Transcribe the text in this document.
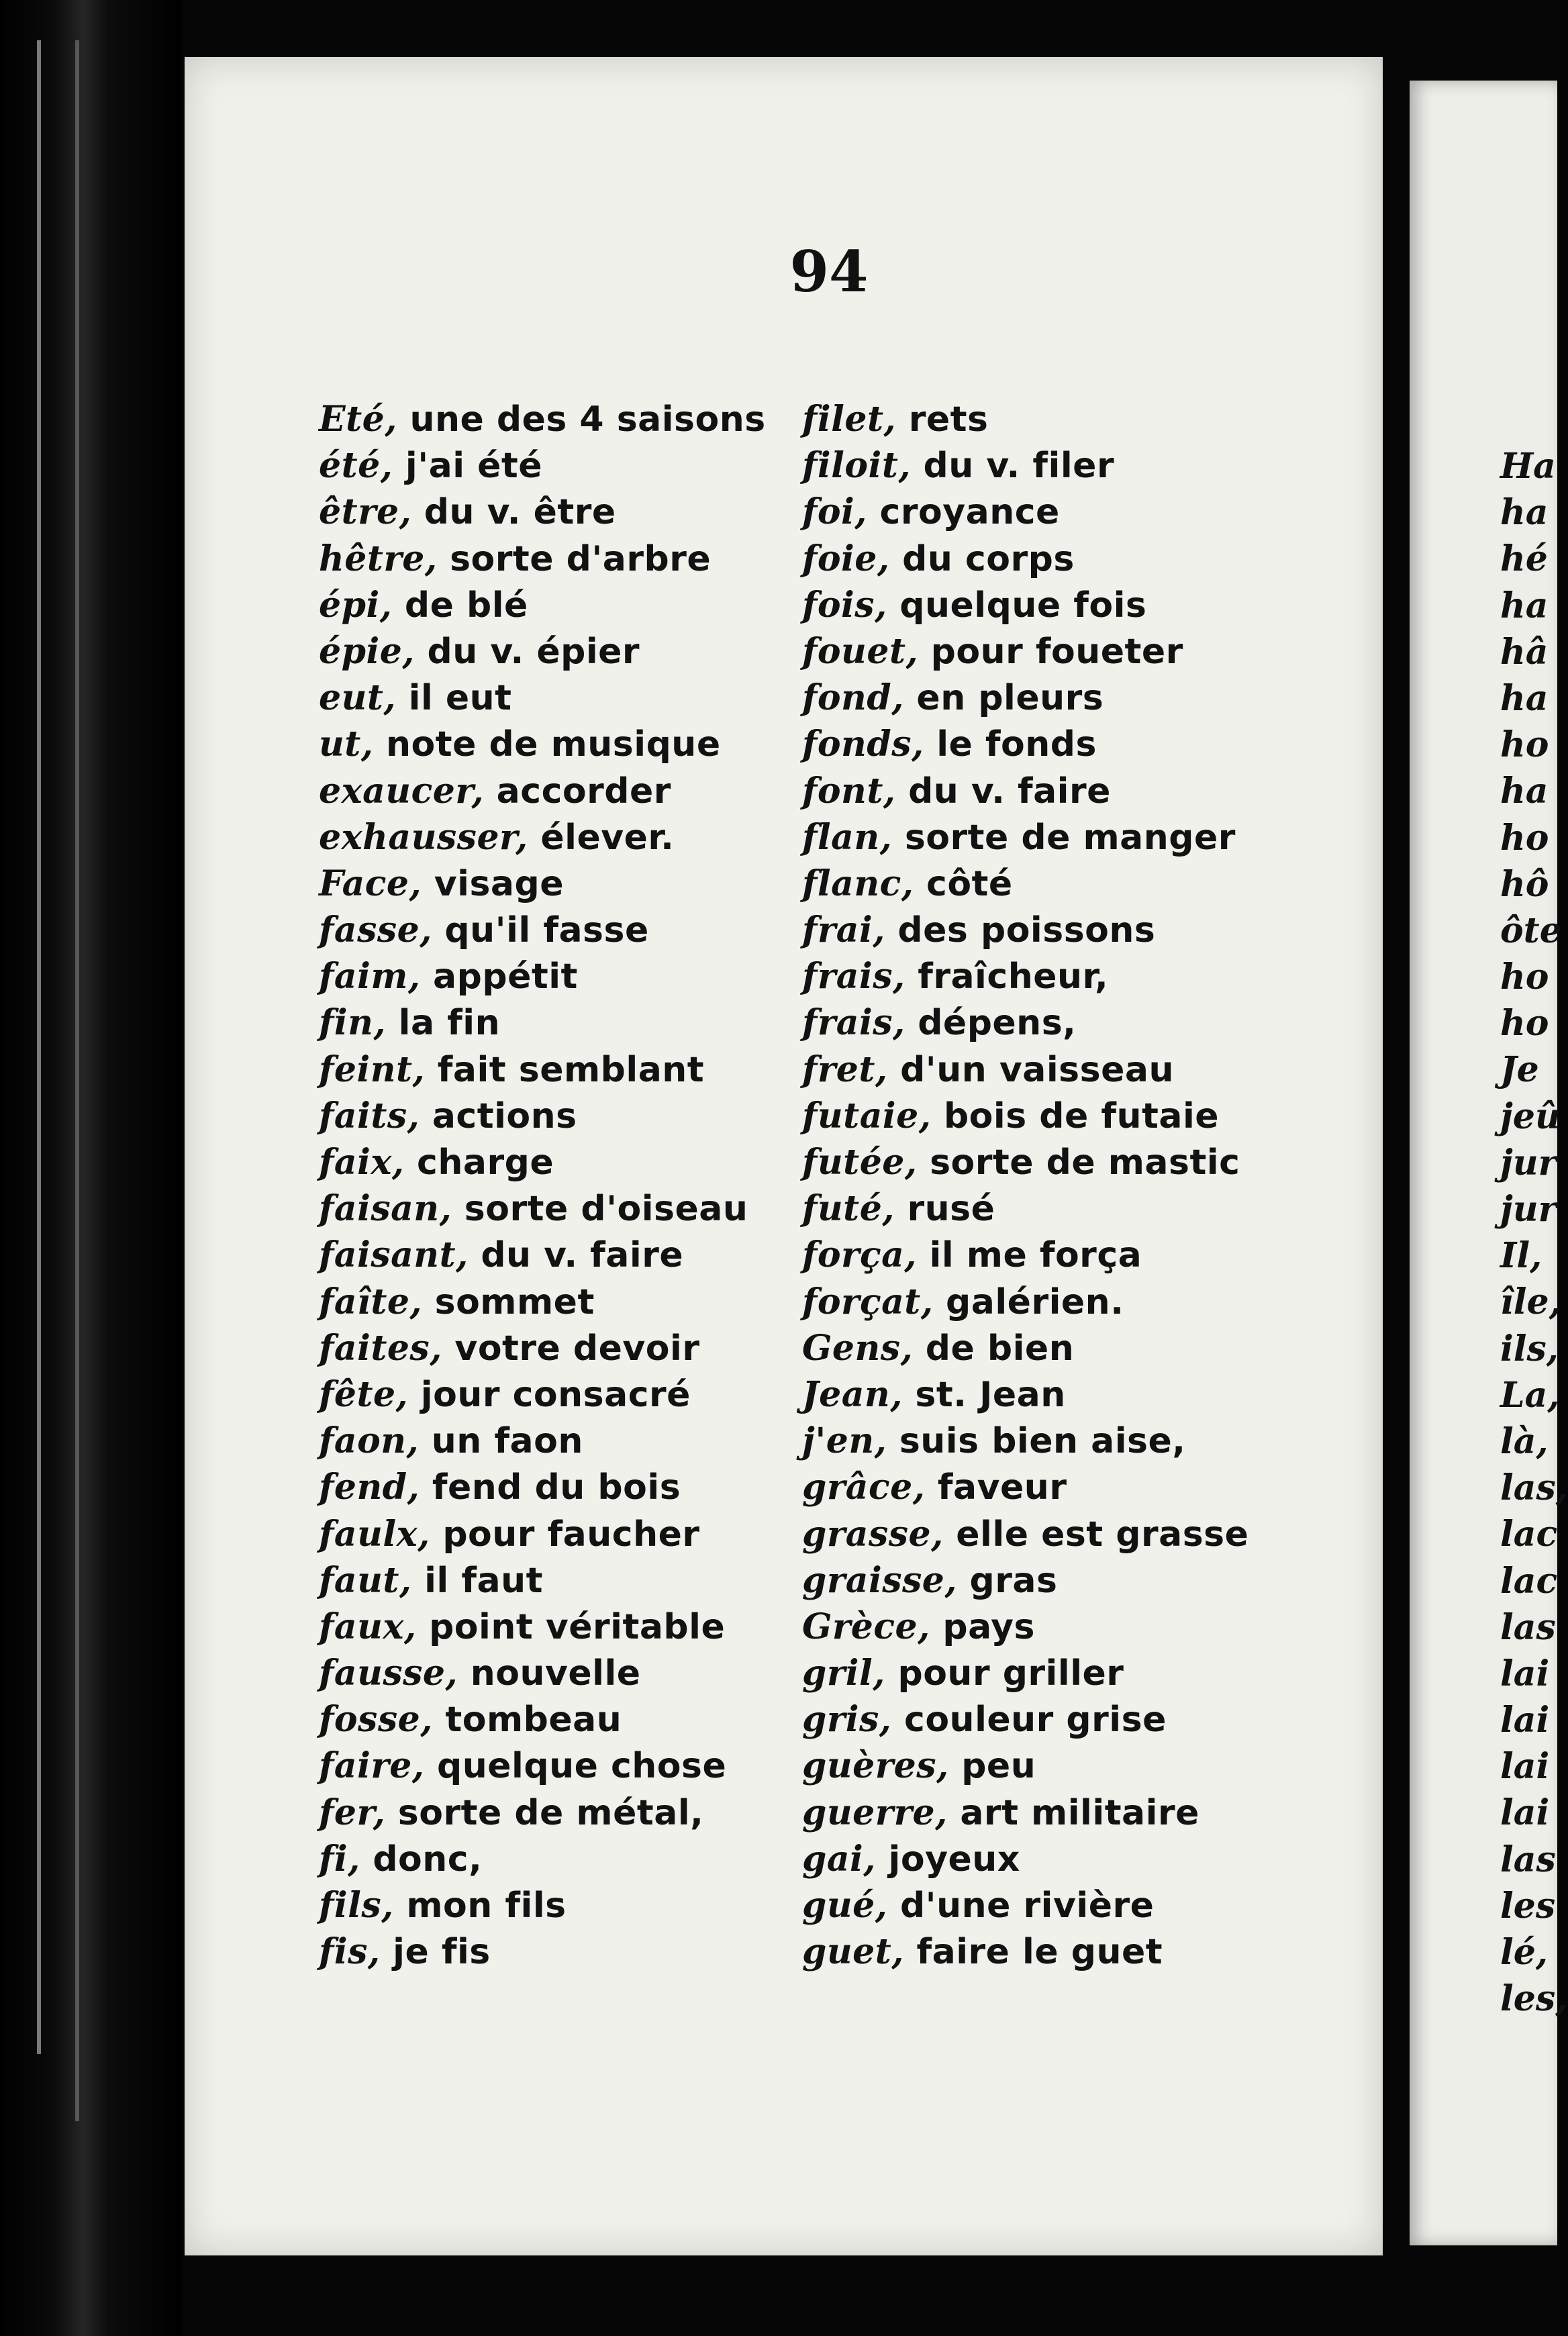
94
Eté, une des 4 saisons
été, j'ai été
être, du v. être
hêtre, sorte d'arbre
épi, de blé
épie, du v. épier
eut, il eut
ut, note de musique
exaucer, accorder
exhausser, élever.
Face, visage
fasse, qu'il fasse
faim, appétit
fin, la fin
feint, fait semblant
faits, actions
faix, charge
faisan, sorte d'oiseau
faisant, du v. faire
faîte, sommet
faites, votre devoir
fête, jour consacré
faon, un faon
fend, fend du bois
faulx, pour faucher
faut, il faut
faux, point véritable
fausse, nouvelle
fosse, tombeau
faire, quelque chose
fer, sorte de métal,
fi, donc,
fils, mon fils
fis, je fis
filet, rets
filoit, du v. filer
foi, croyance
foie, du corps
fois, quelque fois
fouet, pour foueter
fond, en pleurs
fonds, le fonds
font, du v. faire
flan, sorte de manger
flanc, côté
frai, des poissons
frais, fraîcheur,
frais, dépens,
fret, d'un vaisseau
futaie, bois de futaie
futée, sorte de mastic
futé, rusé
força, il me força
forçat, galérien.
Gens, de bien
Jean, st. Jean
j'en, suis bien aise,
grâce, faveur
grasse, elle est grasse
graisse, gras
Grèce, pays
gril, pour griller
gris, couleur grise
guères, peu
guerre, art militaire
gai, joyeux
gué, d'une rivière
guet, faire le guet
Ha
ha
hé
ha
hâ
ha
ho
ha
ho
hô
ôte
ho
ho
Je
jeû
jur
jur
Il,
île,
ils,
La,
là,
las,
lac
lac
las
lai
lai
lai
lai
las
les
lé,
les,
